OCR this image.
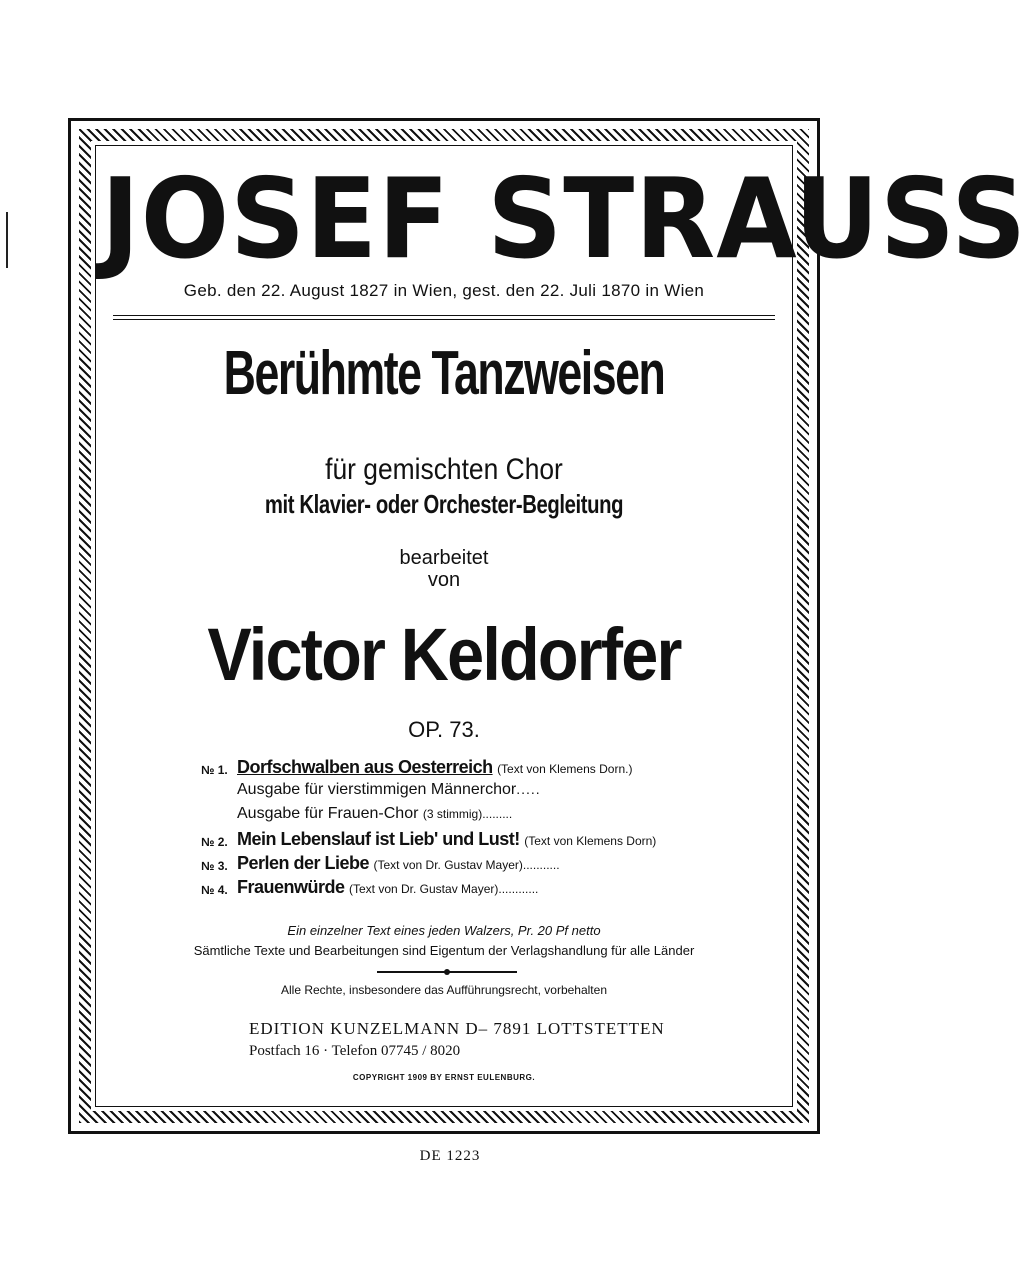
JOSEF STRAUSS
Geb. den 22. August 1827 in Wien, gest. den 22. Juli 1870 in Wien
Berühmte Tanzweisen
für gemischten Chor
mit Klavier- oder Orchester-Begleitung
bearbeitet
von
Victor Keldorfer
OP. 73.
№ 1. Dorfschwalben aus Oesterreich (Text von Klemens Dorn.)
Ausgabe für vierstimmigen Männerchor.....
Ausgabe für Frauen-Chor (3 stimmig).........
№ 2. Mein Lebenslauf ist Lieb' und Lust! (Text von Klemens Dorn)
№ 3. Perlen der Liebe (Text von Dr. Gustav Mayer)...........
№ 4. Frauenwürde (Text von Dr. Gustav Mayer)............
Ein einzelner Text eines jeden Walzers, Pr. 20 Pf netto
Sämtliche Texte und Bearbeitungen sind Eigentum der Verlagshandlung für alle Länder
Alle Rechte, insbesondere das Aufführungsrecht, vorbehalten
EDITION KUNZELMANN D– 7891 LOTTSTETTEN
Postfach 16 · Telefon 07745 / 8020
COPYRIGHT 1909 BY ERNST EULENBURG.
DE 1223
